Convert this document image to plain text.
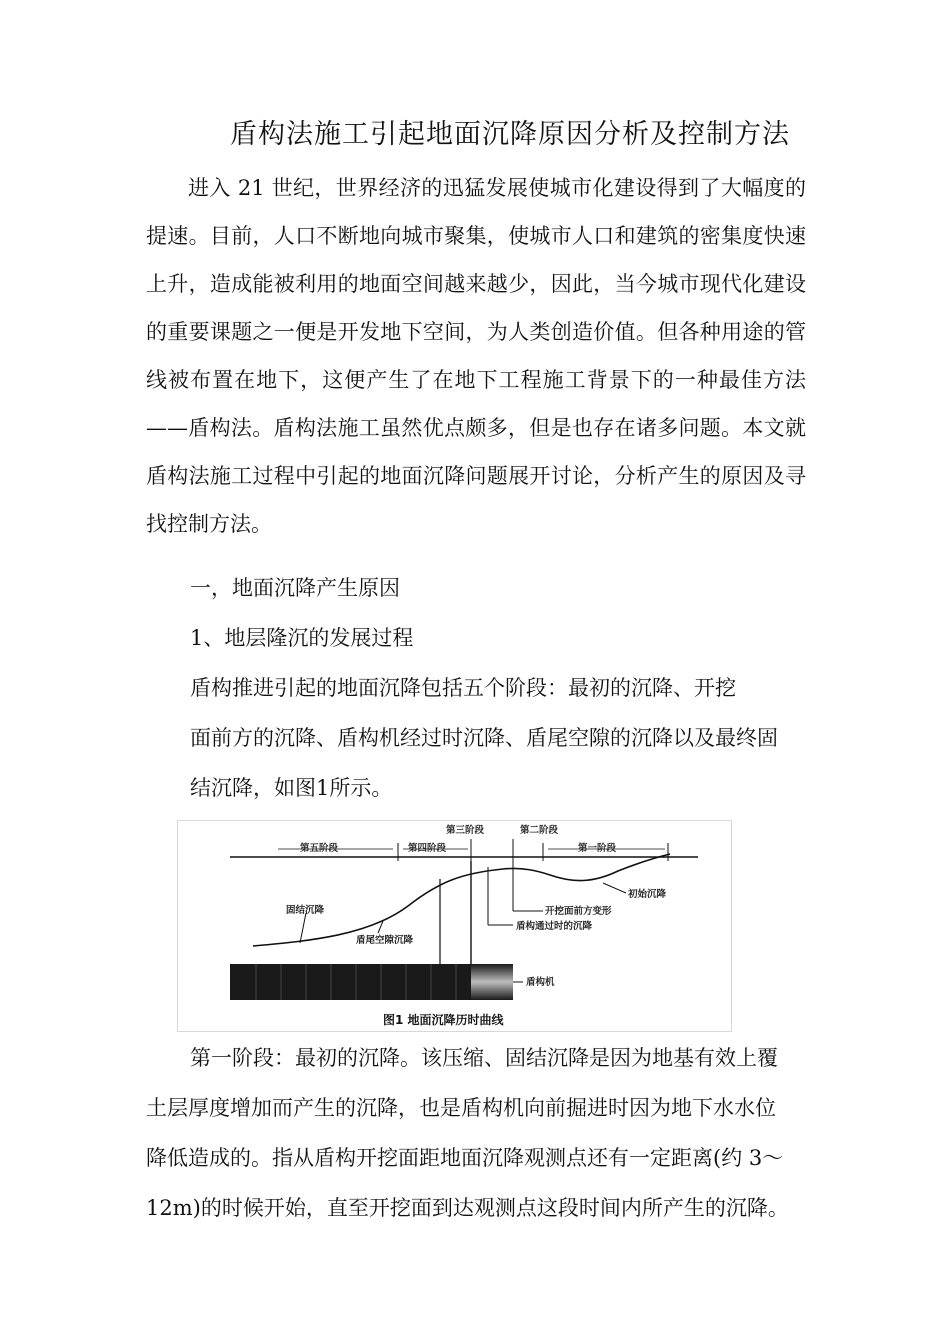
盾构法施工引起地面沉降原因分析及控制方法

进入 21 世纪，世界经济的迅猛发展使城市化建设得到了大幅度的提速。目前，人口不断地向城市聚集，使城市人口和建筑的密集度快速上升，造成能被利用的地面空间越来越少，因此，当今城市现代化建设的重要课题之一便是开发地下空间，为人类创造价值。但各种用途的管线被布置在地下，这便产生了在地下工程施工背景下的一种最佳方法——盾构法。盾构法施工虽然优点颇多，但是也存在诸多问题。本文就盾构法施工过程中引起的地面沉降问题展开讨论，分析产生的原因及寻找控制方法。

一，地面沉降产生原因
1、地层隆沉的发展过程
盾构推进引起的地面沉降包括五个阶段：最初的沉降、开挖
面前方的沉降、盾构机经过时沉降、盾尾空隙的沉降以及最终固
结沉降，如图1所示。
第五阶段	第四阶段
第三阶段	第二阶段
第一阶段
固结沉降
盾尾空隙沉降
初始沉降
开挖面前方变形
盾构通过时的沉降
盾构机
图1 地面沉降历时曲线
第一阶段：最初的沉降。该压缩、固结沉降是因为地基有效上覆
土层厚度增加而产生的沉降，也是盾构机向前掘进时因为地下水水位
降低造成的。指从盾构开挖面距地面沉降观测点还有一定距离(约 3～
12m)的时候开始，直至开挖面到达观测点这段时间内所产生的沉降。
